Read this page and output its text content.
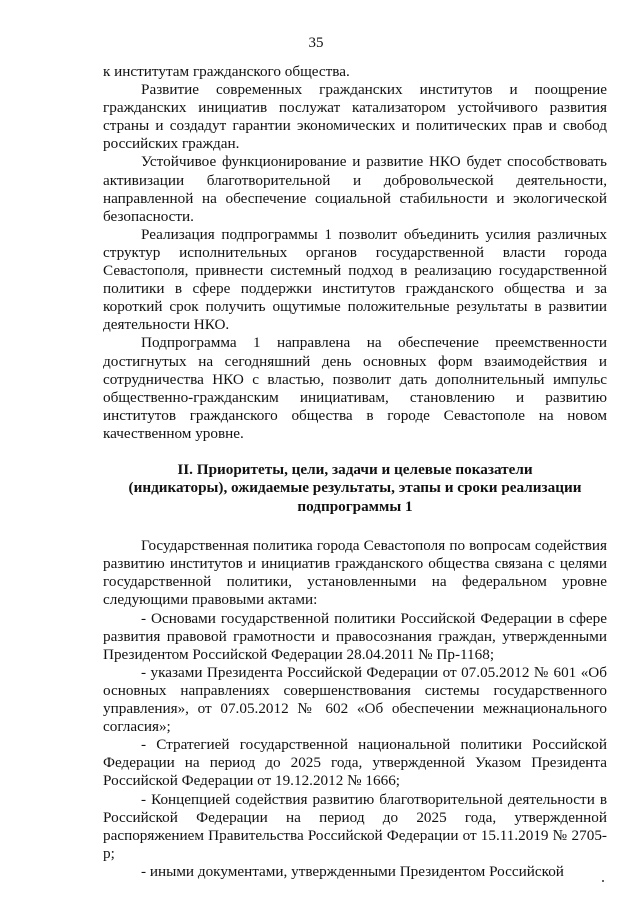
35

к институтам гражданского общества.

Развитие современных гражданских институтов и поощрение гражданских инициатив послужат катализатором устойчивого развития страны и создадут гарантии экономических и политических прав и свобод российских граждан.

Устойчивое функционирование и развитие НКО будет способствовать активизации благотворительной и добровольческой деятельности, направленной на обеспечение социальной стабильности и экологической безопасности.

Реализация подпрограммы 1 позволит объединить усилия различных структур исполнительных органов государственной власти города Севастополя, привнести системный подход в реализацию государственной политики в сфере поддержки институтов гражданского общества и за короткий срок получить ощутимые положительные результаты в развитии деятельности НКО.

Подпрограмма 1 направлена на обеспечение преемственности достигнутых на сегодняшний день основных форм взаимодействия и сотрудничества НКО с властью, позволит дать дополнительный импульс общественно-гражданским инициативам, становлению и развитию институтов гражданского общества в городе Севастополе на новом качественном уровне.

II. Приоритеты, цели, задачи и целевые показатели
(индикаторы), ожидаемые результаты, этапы и сроки реализации
подпрограммы 1

Государственная политика города Севастополя по вопросам содействия развитию институтов и инициатив гражданского общества связана с целями государственной политики, установленными на федеральном уровне следующими правовыми актами:

- Основами государственной политики Российской Федерации в сфере развития правовой грамотности и правосознания граждан, утвержденными Президентом Российской Федерации 28.04.2011 № Пр-1168;

- указами Президента Российской Федерации от 07.05.2012 № 601 «Об основных направлениях совершенствования системы государственного управления», от 07.05.2012 № 602 «Об обеспечении межнационального согласия»;

- Стратегией государственной национальной политики Российской Федерации на период до 2025 года, утвержденной Указом Президента Российской Федерации от 19.12.2012 № 1666;

- Концепцией содействия развитию благотворительной деятельности в Российской Федерации на период до 2025 года, утвержденной распоряжением Правительства Российской Федерации от 15.11.2019 № 2705-р;

- иными документами, утвержденными Президентом Российской
